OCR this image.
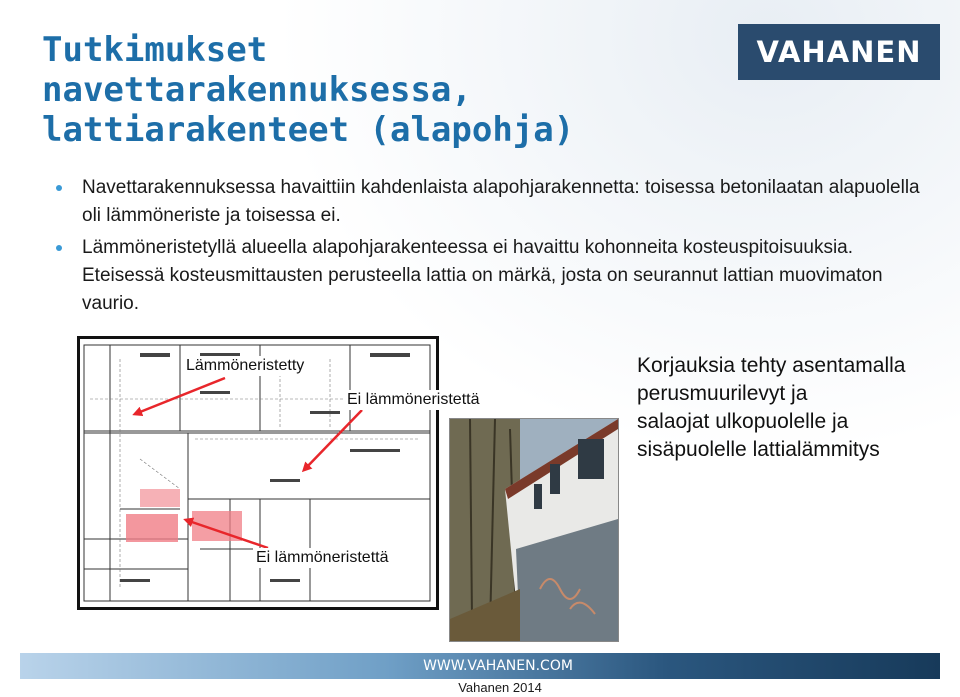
Tutkimukset
navettarakennuksessa,
lattiarakenteet (alapohja)
VAHANEN
Navettarakennuksessa havaittiin kahdenlaista alapohjarakennetta: toisessa betonilaatan alapuolella oli lämmöneriste ja toisessa ei.
Lämmöneristetyllä alueella alapohjarakenteessa ei havaittu kohonneita kosteuspitoisuuksia. Eteisessä kosteusmittausten perusteella lattia on märkä, josta on seurannut lattian muovimaton vaurio.
Lämmöneristetty
Ei lämmöneristettä
Ei lämmöneristettä
Korjauksia tehty asentamalla
perusmuurilevyt ja
salaojat ulkopuolelle ja
sisäpuolelle lattialämmitys
WWW.VAHANEN.COM
Vahanen 2014
